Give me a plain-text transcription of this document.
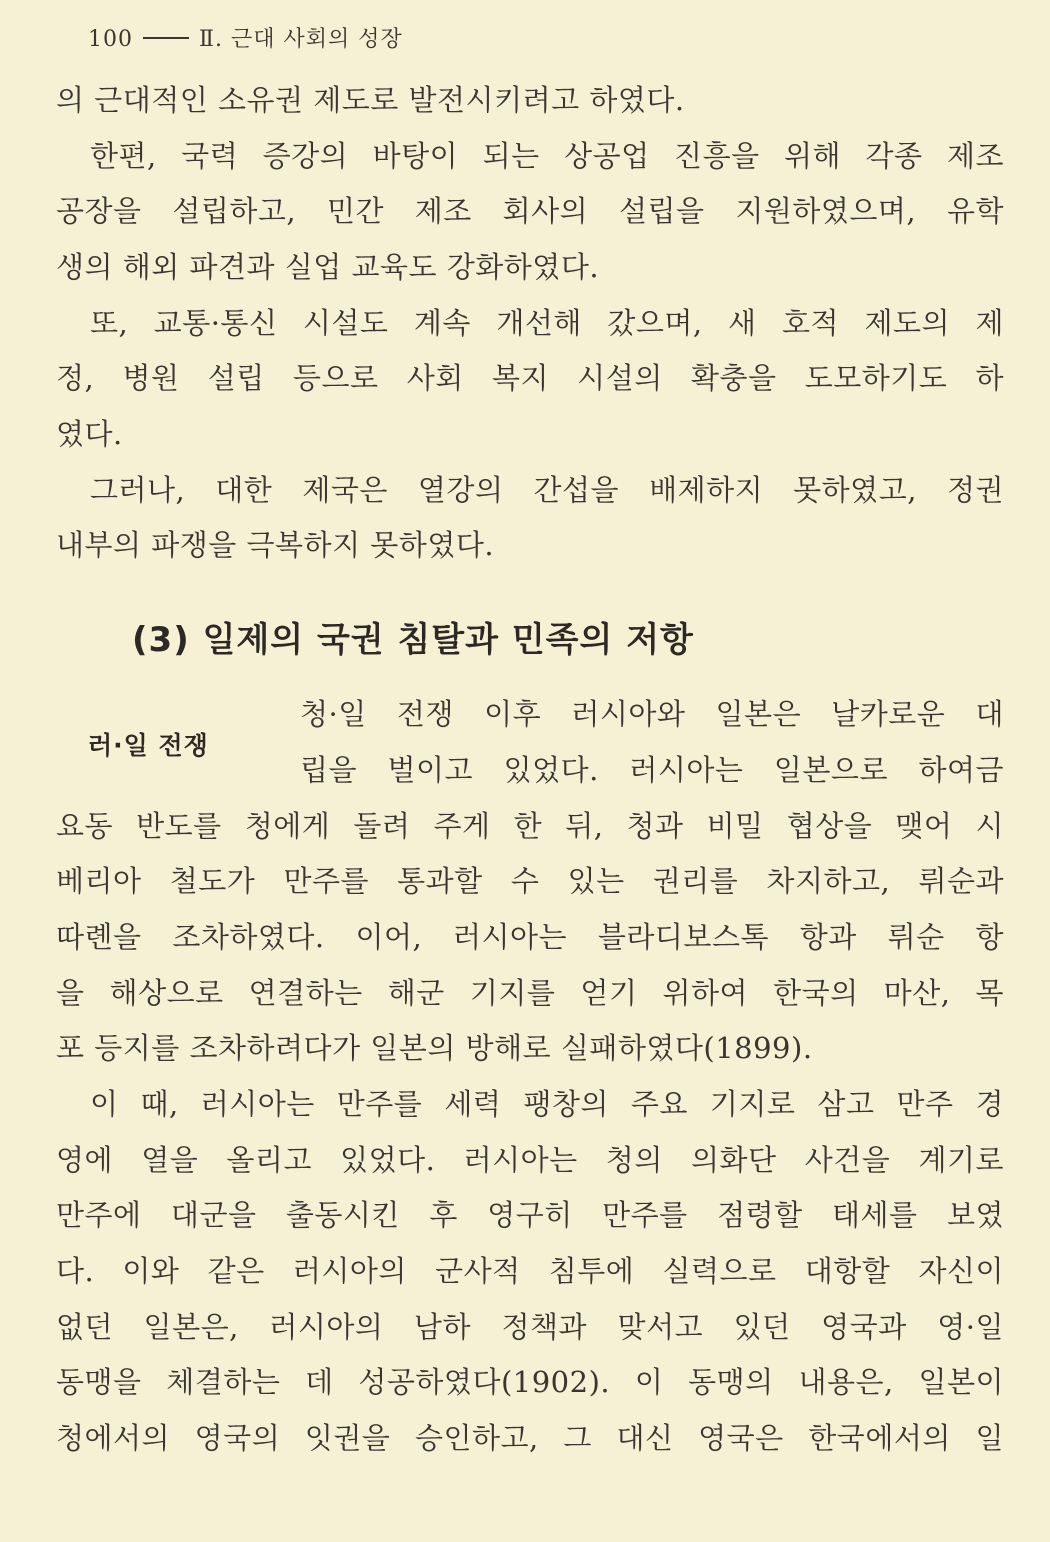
100	Ⅱ. 근대 사회의 성장
의 근대적인 소유권 제도로 발전시키려고 하였다.
한편, 국력 증강의 바탕이 되는 상공업 진흥을 위해 각종 제조
공장을 설립하고, 민간 제조 회사의 설립을 지원하였으며, 유학
생의 해외 파견과 실업 교육도 강화하였다.
또, 교통·통신 시설도 계속 개선해 갔으며, 새 호적 제도의 제
정, 병원 설립 등으로 사회 복지 시설의 확충을 도모하기도 하
였다.
그러나, 대한 제국은 열강의 간섭을 배제하지 못하였고, 정권
내부의 파쟁을 극복하지 못하였다.
(3) 일제의 국권 침탈과 민족의 저항
러·일 전쟁
청·일 전쟁 이후 러시아와 일본은 날카로운 대
립을 벌이고 있었다. 러시아는 일본으로 하여금
요동 반도를 청에게 돌려 주게 한 뒤, 청과 비밀 협상을 맺어 시
베리아 철도가 만주를 통과할 수 있는 권리를 차지하고, 뤼순과
따롄을 조차하였다. 이어, 러시아는 블라디보스톡 항과 뤼순 항
을 해상으로 연결하는 해군 기지를 얻기 위하여 한국의 마산, 목
포 등지를 조차하려다가 일본의 방해로 실패하였다(1899).
이 때, 러시아는 만주를 세력 팽창의 주요 기지로 삼고 만주 경
영에 열을 올리고 있었다. 러시아는 청의 의화단 사건을 계기로
만주에 대군을 출동시킨 후 영구히 만주를 점령할 태세를 보였
다. 이와 같은 러시아의 군사적 침투에 실력으로 대항할 자신이
없던 일본은, 러시아의 남하 정책과 맞서고 있던 영국과 영·일
동맹을 체결하는 데 성공하였다(1902). 이 동맹의 내용은, 일본이
청에서의 영국의 잇권을 승인하고, 그 대신 영국은 한국에서의 일
